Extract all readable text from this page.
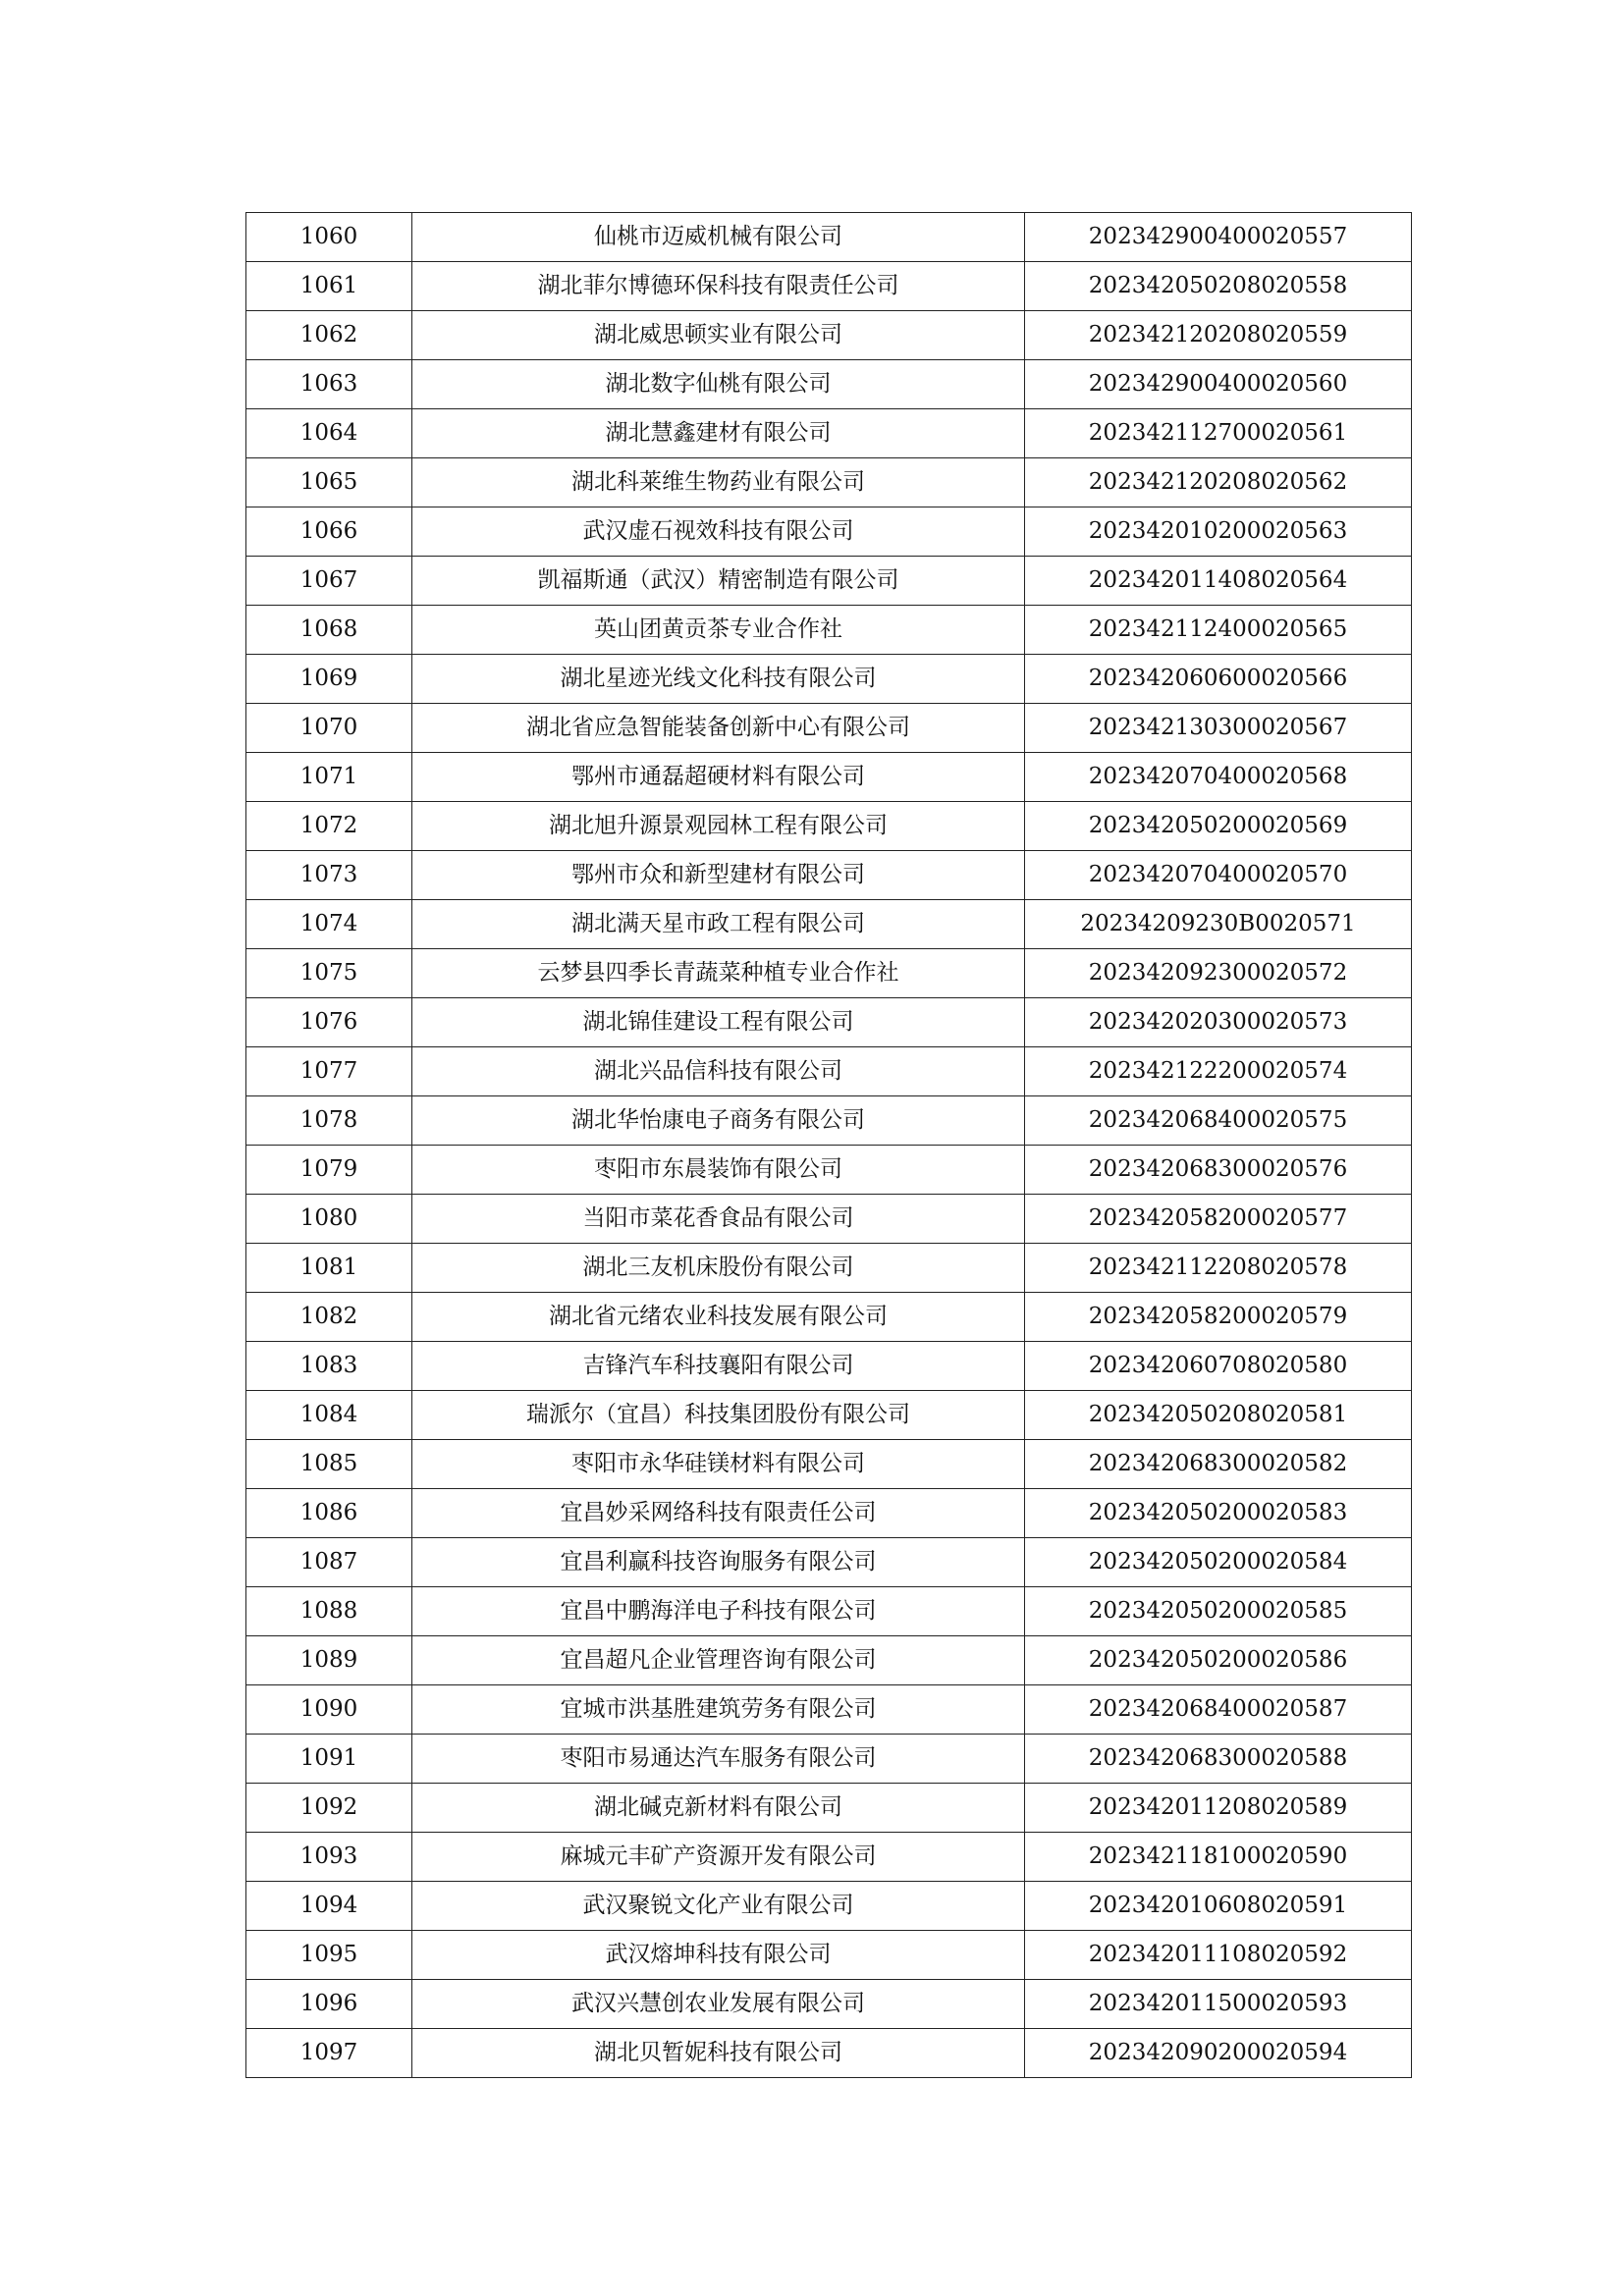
1060	仙桃市迈威机械有限公司	202342900400020557
1061	湖北菲尔博德环保科技有限责任公司	202342050208020558
1062	湖北威思顿实业有限公司	202342120208020559
1063	湖北数字仙桃有限公司	202342900400020560
1064	湖北慧鑫建材有限公司	202342112700020561
1065	湖北科莱维生物药业有限公司	202342120208020562
1066	武汉虚石视效科技有限公司	202342010200020563
1067	凯福斯通（武汉）精密制造有限公司	202342011408020564
1068	英山团黄贡茶专业合作社	202342112400020565
1069	湖北星迹光线文化科技有限公司	202342060600020566
1070	湖北省应急智能装备创新中心有限公司	202342130300020567
1071	鄂州市通磊超硬材料有限公司	202342070400020568
1072	湖北旭升源景观园林工程有限公司	202342050200020569
1073	鄂州市众和新型建材有限公司	202342070400020570
1074	湖北满天星市政工程有限公司	20234209230B0020571
1075	云梦县四季长青蔬菜种植专业合作社	202342092300020572
1076	湖北锦佳建设工程有限公司	202342020300020573
1077	湖北兴品信科技有限公司	202342122200020574
1078	湖北华怡康电子商务有限公司	202342068400020575
1079	枣阳市东晨装饰有限公司	202342068300020576
1080	当阳市菜花香食品有限公司	202342058200020577
1081	湖北三友机床股份有限公司	202342112208020578
1082	湖北省元绪农业科技发展有限公司	202342058200020579
1083	吉锋汽车科技襄阳有限公司	202342060708020580
1084	瑞派尔（宜昌）科技集团股份有限公司	202342050208020581
1085	枣阳市永华硅镁材料有限公司	202342068300020582
1086	宜昌妙采网络科技有限责任公司	202342050200020583
1087	宜昌利赢科技咨询服务有限公司	202342050200020584
1088	宜昌中鹏海洋电子科技有限公司	202342050200020585
1089	宜昌超凡企业管理咨询有限公司	202342050200020586
1090	宜城市洪基胜建筑劳务有限公司	202342068400020587
1091	枣阳市易通达汽车服务有限公司	202342068300020588
1092	湖北碱克新材料有限公司	202342011208020589
1093	麻城元丰矿产资源开发有限公司	202342118100020590
1094	武汉聚锐文化产业有限公司	202342010608020591
1095	武汉熔坤科技有限公司	202342011108020592
1096	武汉兴慧创农业发展有限公司	202342011500020593
1097	湖北贝暂妮科技有限公司	202342090200020594
